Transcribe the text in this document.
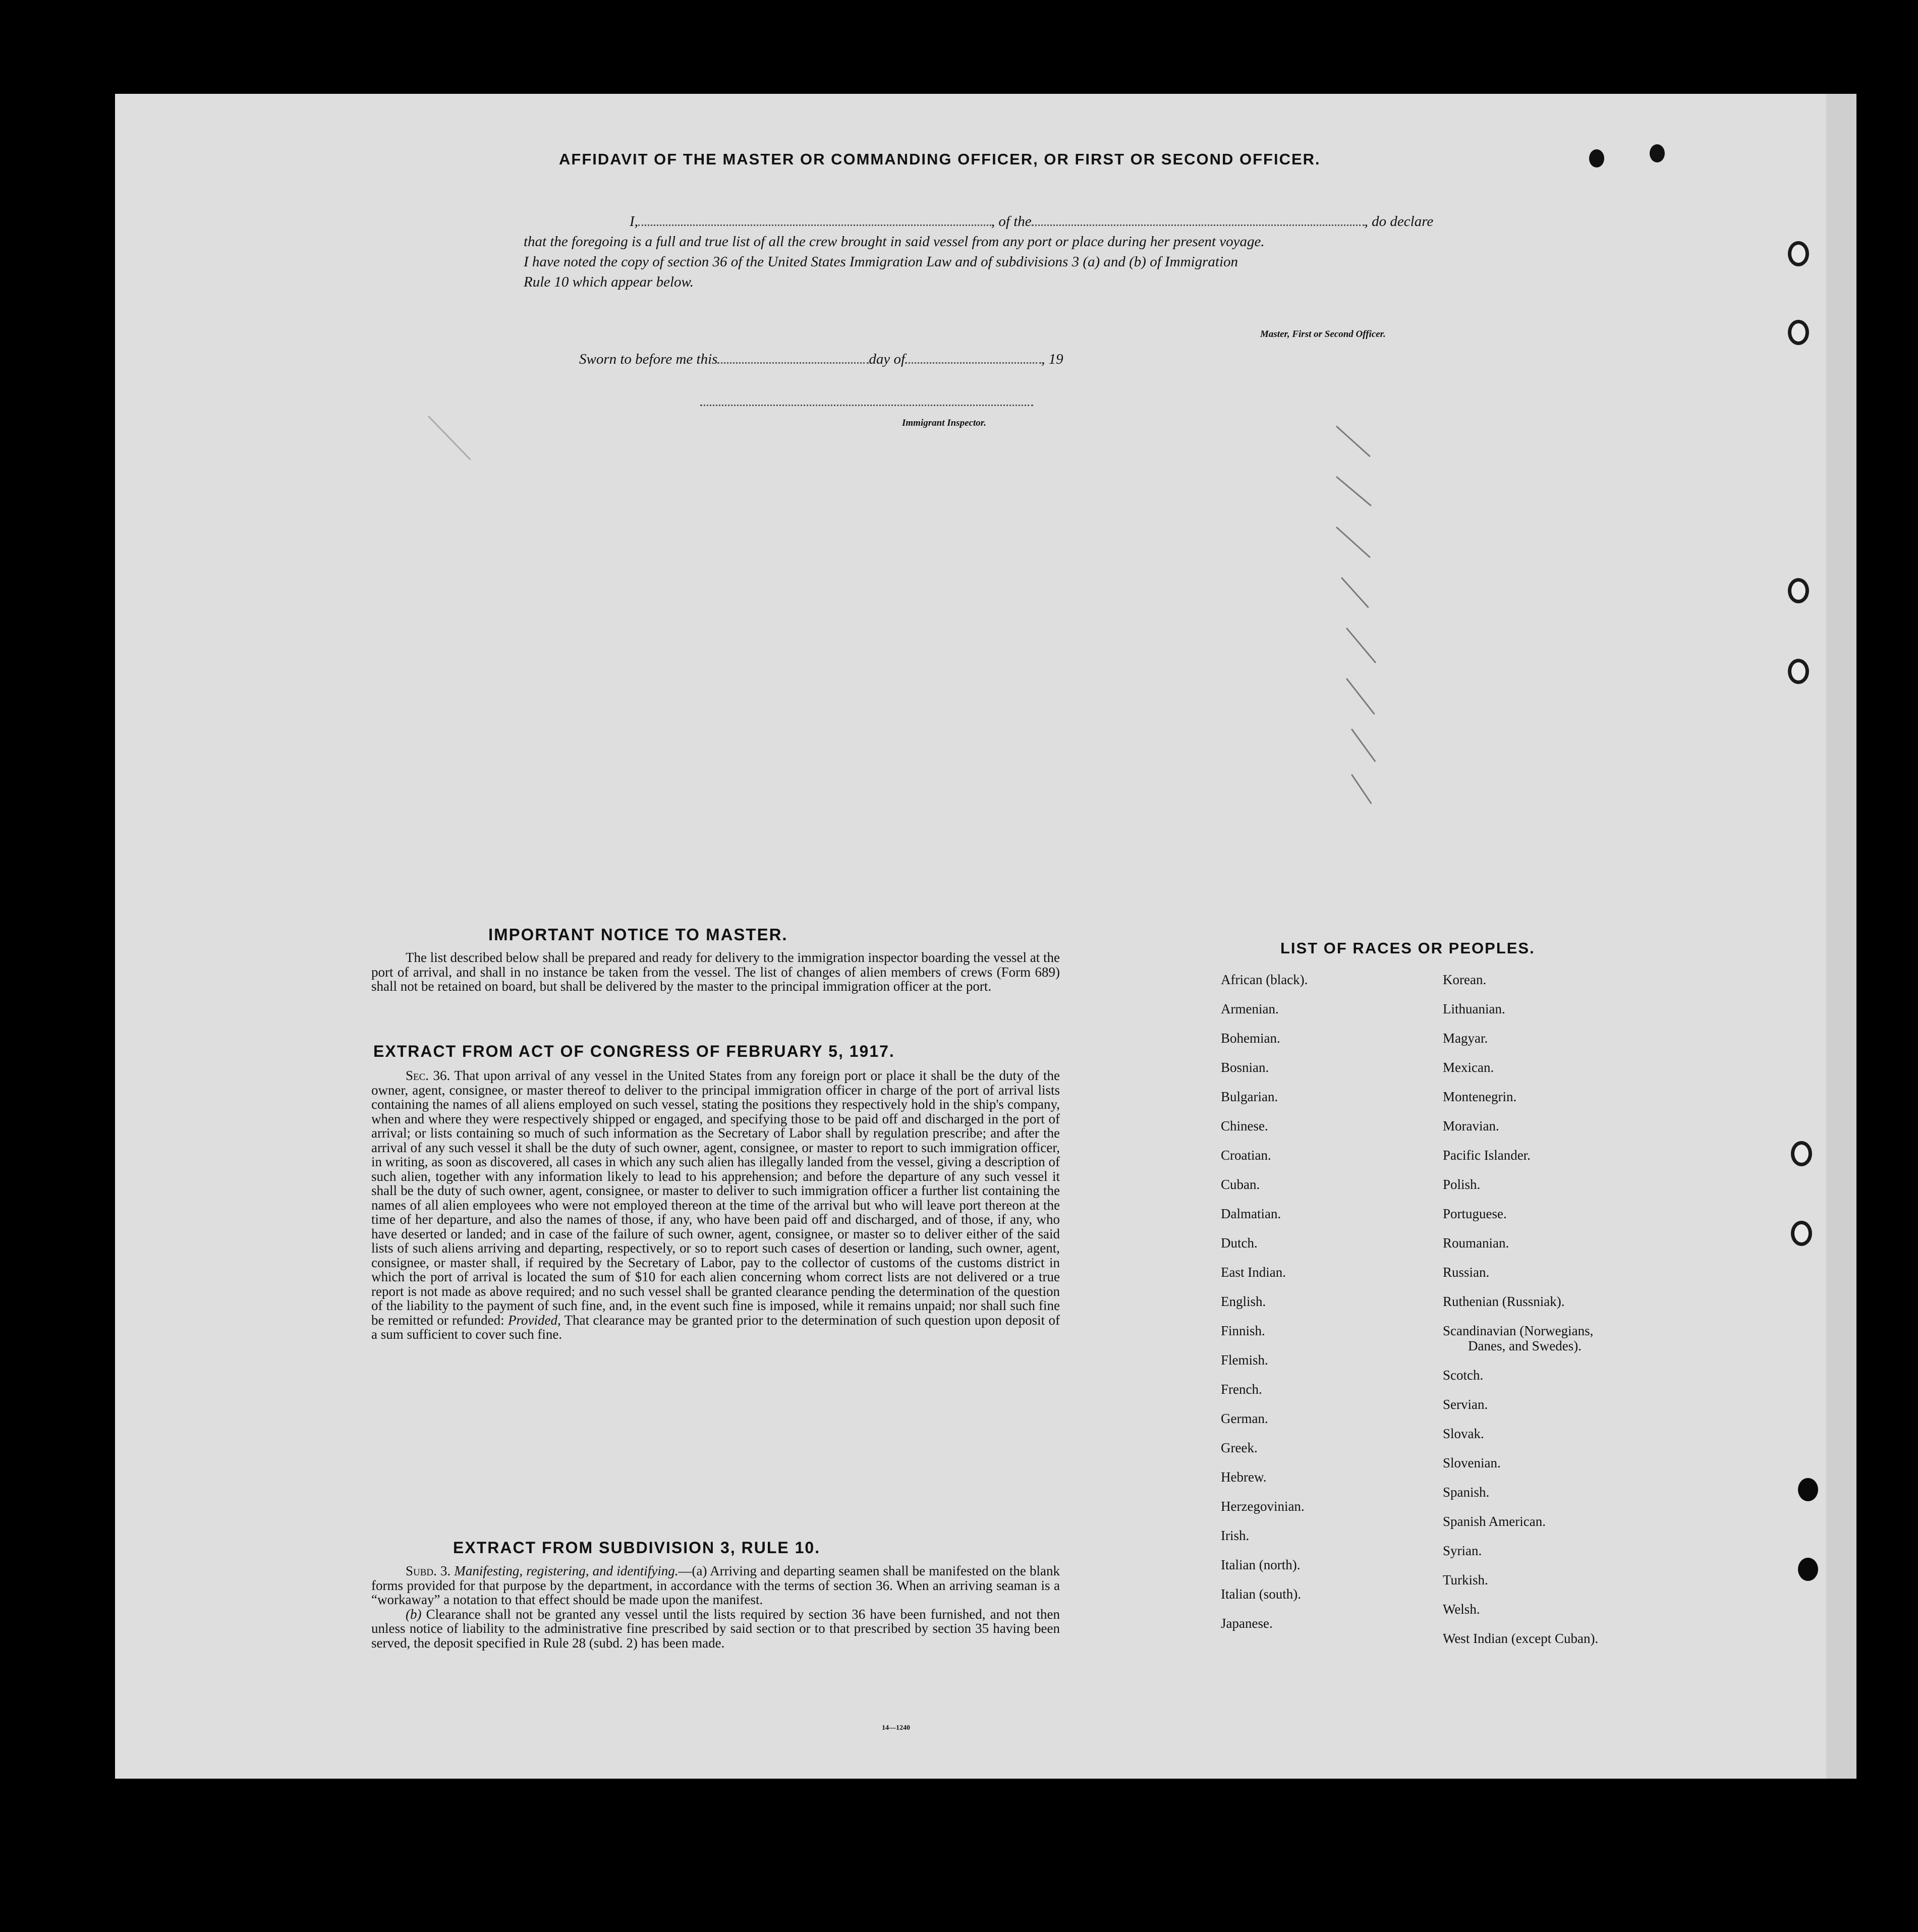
AFFIDAVIT OF THE MASTER OR COMMANDING OFFICER, OR FIRST OR SECOND OFFICER.
I,	, of the	, do declare
that the foregoing is a full and true list of all the crew brought in said vessel from any port or place during her present voyage.
I have noted the copy of section 36 of the United States Immigration Law and of subdivisions 3 (a) and (b) of Immigration
Rule 10 which appear below.
Master, First or Second Officer.
Sworn to before me this	day of	, 19
Immigrant Inspector.
IMPORTANT NOTICE TO MASTER.

The list described below shall be prepared and ready for delivery to the immigration inspector boarding the vessel at the port of arrival, and shall in no instance be taken from the vessel. The list of changes of alien members of crews (Form 689) shall not be retained on board, but shall be delivered by the master to the principal immigration officer at the port.

EXTRACT FROM ACT OF CONGRESS OF FEBRUARY 5, 1917.

Sec. 36. That upon arrival of any vessel in the United States from any foreign port or place it shall be the duty of the owner, agent, consignee, or master thereof to deliver to the principal immigration officer in charge of the port of arrival lists containing the names of all aliens employed on such vessel, stating the positions they respectively hold in the ship's company, when and where they were respectively shipped or engaged, and specifying those to be paid off and discharged in the port of arrival; or lists containing so much of such information as the Secretary of Labor shall by regulation prescribe; and after the arrival of any such vessel it shall be the duty of such owner, agent, consignee, or master to report to such immigration officer, in writing, as soon as discovered, all cases in which any such alien has illegally landed from the vessel, giving a description of such alien, together with any information likely to lead to his apprehension; and before the departure of any such vessel it shall be the duty of such owner, agent, consignee, or master to deliver to such immigration officer a further list containing the names of all alien employees who were not employed thereon at the time of the arrival but who will leave port thereon at the time of her departure, and also the names of those, if any, who have been paid off and discharged, and of those, if any, who have deserted or landed; and in case of the failure of such owner, agent, consignee, or master so to deliver either of the said lists of such aliens arriving and departing, respectively, or so to report such cases of desertion or landing, such owner, agent, consignee, or master shall, if required by the Secretary of Labor, pay to the collector of customs of the customs district in which the port of arrival is located the sum of $10 for each alien concerning whom correct lists are not delivered or a true report is not made as above required; and no such vessel shall be granted clearance pending the determination of the question of the liability to the payment of such fine, and, in the event such fine is imposed, while it remains unpaid; nor shall such fine be remitted or refunded: Provided, That clearance may be granted prior to the determination of such question upon deposit of a sum sufficient to cover such fine.

EXTRACT FROM SUBDIVISION 3, RULE 10.

Subd. 3. Manifesting, registering, and identifying.—(a) Arriving and departing seamen shall be manifested on the blank forms provided for that purpose by the department, in accordance with the terms of section 36. When an arriving seaman is a “workaway” a notation to that effect should be made upon the manifest.

(b) Clearance shall not be granted any vessel until the lists required by section 36 have been furnished, and not then unless notice of liability to the administrative fine prescribed by said section or to that prescribed by section 35 having been served, the deposit specified in Rule 28 (subd. 2) has been made.

14—1240

LIST OF RACES OR PEOPLES.
African (black).
Armenian.
Bohemian.
Bosnian.
Bulgarian.
Chinese.
Croatian.
Cuban.
Dalmatian.
Dutch.
East Indian.
English.
Finnish.
Flemish.
French.
German.
Greek.
Hebrew.
Herzegovinian.
Irish.
Italian (north).
Italian (south).
Japanese.
Korean.
Lithuanian.
Magyar.
Mexican.
Montenegrin.
Moravian.
Pacific Islander.
Polish.
Portuguese.
Roumanian.
Russian.
Ruthenian (Russniak).
Scandinavian (Norwegians,
Danes, and Swedes).
Scotch.
Servian.
Slovak.
Slovenian.
Spanish.
Spanish American.
Syrian.
Turkish.
Welsh.
West Indian (except Cuban).
